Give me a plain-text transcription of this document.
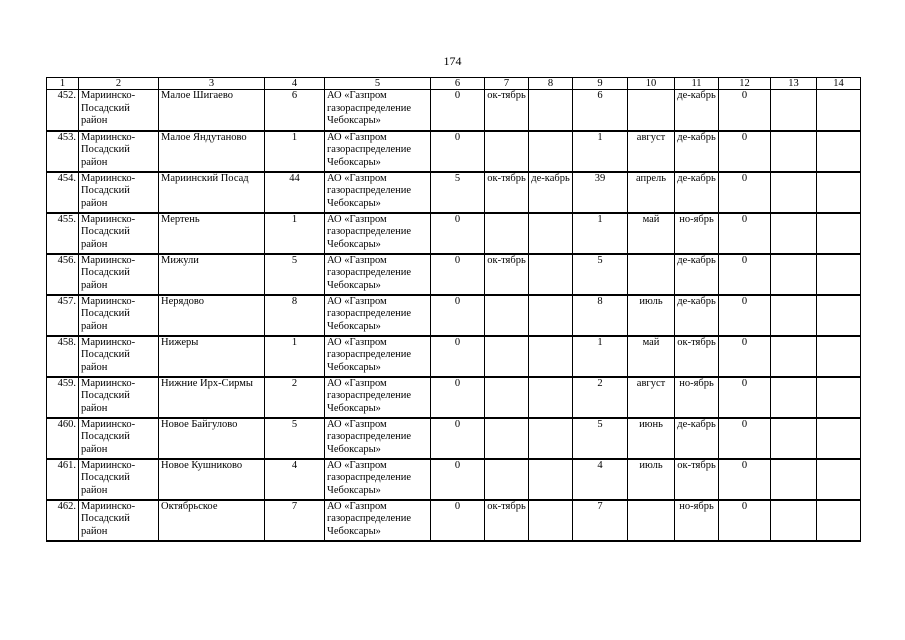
174
1	2	3	4	5	6	7	8	9	10	11	12	13	14
452.	Мариинско-Посадский район	Малое Шигаево	6	АО «Газпром газораспределение Чебоксары»	0	ок-тябрь		6		де-кабрь	0		
453.	Мариинско-Посадский район	Малое Яндутаново	1	АО «Газпром газораспределение Чебоксары»	0			1	август	де-кабрь	0		
454.	Мариинско-Посадский район	Мариинский Посад	44	АО «Газпром газораспределение Чебоксары»	5	ок-тябрь	де-кабрь	39	апрель	де-кабрь	0		
455.	Мариинско-Посадский район	Мертень	1	АО «Газпром газораспределение Чебоксары»	0			1	май	но-ябрь	0		
456.	Мариинско-Посадский район	Мижули	5	АО «Газпром газораспределение Чебоксары»	0	ок-тябрь		5		де-кабрь	0		
457.	Мариинско-Посадский район	Нерядово	8	АО «Газпром газораспределение Чебоксары»	0			8	июль	де-кабрь	0		
458.	Мариинско-Посадский район	Нижеры	1	АО «Газпром газораспределение Чебоксары»	0			1	май	ок-тябрь	0		
459.	Мариинско-Посадский район	Нижние Ирх-Сирмы	2	АО «Газпром газораспределение Чебоксары»	0			2	август	но-ябрь	0		
460.	Мариинско-Посадский район	Новое Байгулово	5	АО «Газпром газораспределение Чебоксары»	0			5	июнь	де-кабрь	0		
461.	Мариинско-Посадский район	Новое Кушниково	4	АО «Газпром газораспределение Чебоксары»	0			4	июль	ок-тябрь	0		
462.	Мариинско-Посадский район	Октябрьское	7	АО «Газпром газораспределение Чебоксары»	0	ок-тябрь		7		но-ябрь	0		
